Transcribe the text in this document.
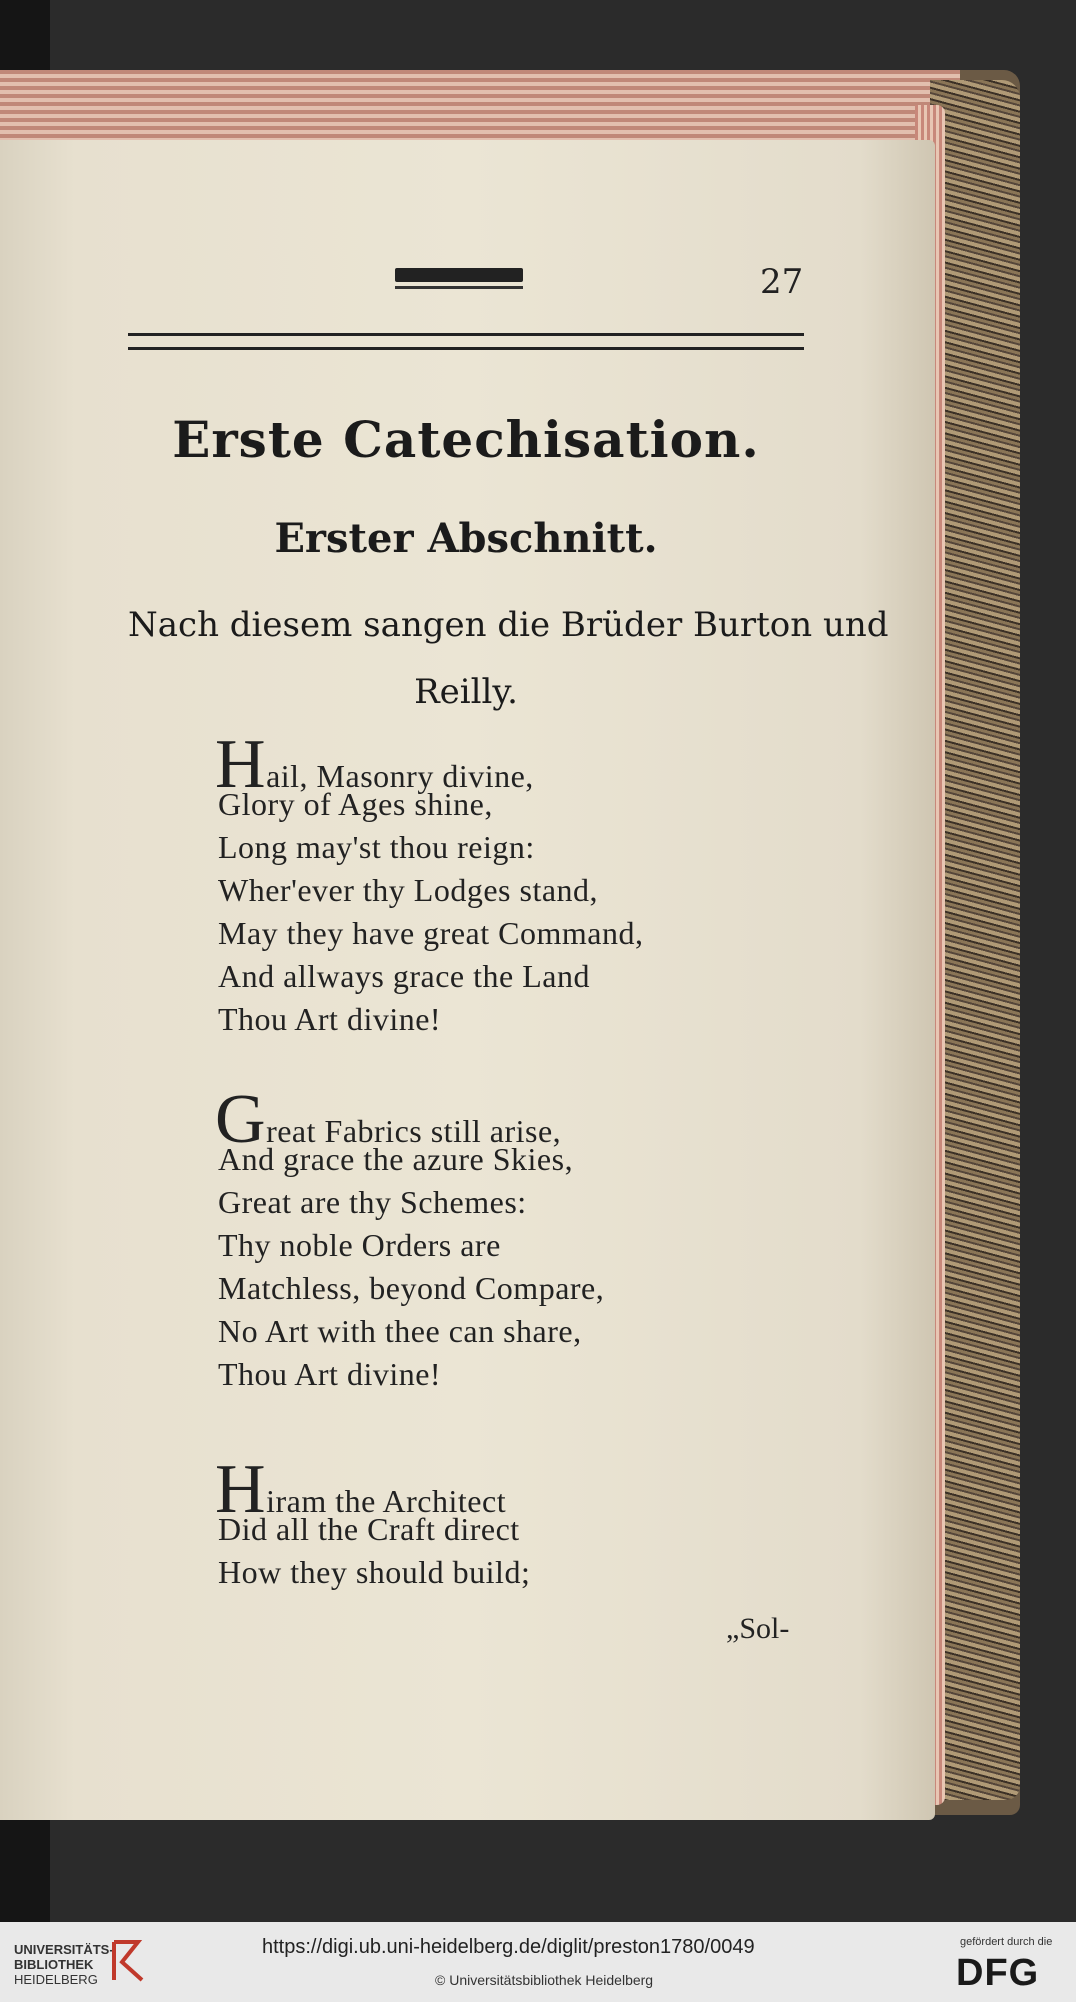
27
Erste Catechisation.
Erster Abschnitt.
Nach diesem sangen die Brüder Burton und
Reilly.
Hail, Masonry divine,
Glory of Ages shine,
Long may'st thou reign:
Wher'ever thy Lodges stand,
May they have great Command,
And allways grace the Land
Thou Art divine!
Great Fabrics still arise,
And grace the azure Skies,
Great are thy Schemes:
Thy noble Orders are
Matchless, beyond Compare,
No Art with thee can share,
Thou Art divine!
Hiram the Architect
Did all the Craft direct
How they should build;
„Sol-
UNIVERSITÄTS-
BIBLIOTHEK
HEIDELBERG
https://digi.ub.uni-heidelberg.de/diglit/preston1780/0049
© Universitätsbibliothek Heidelberg
gefördert durch die
DFG
